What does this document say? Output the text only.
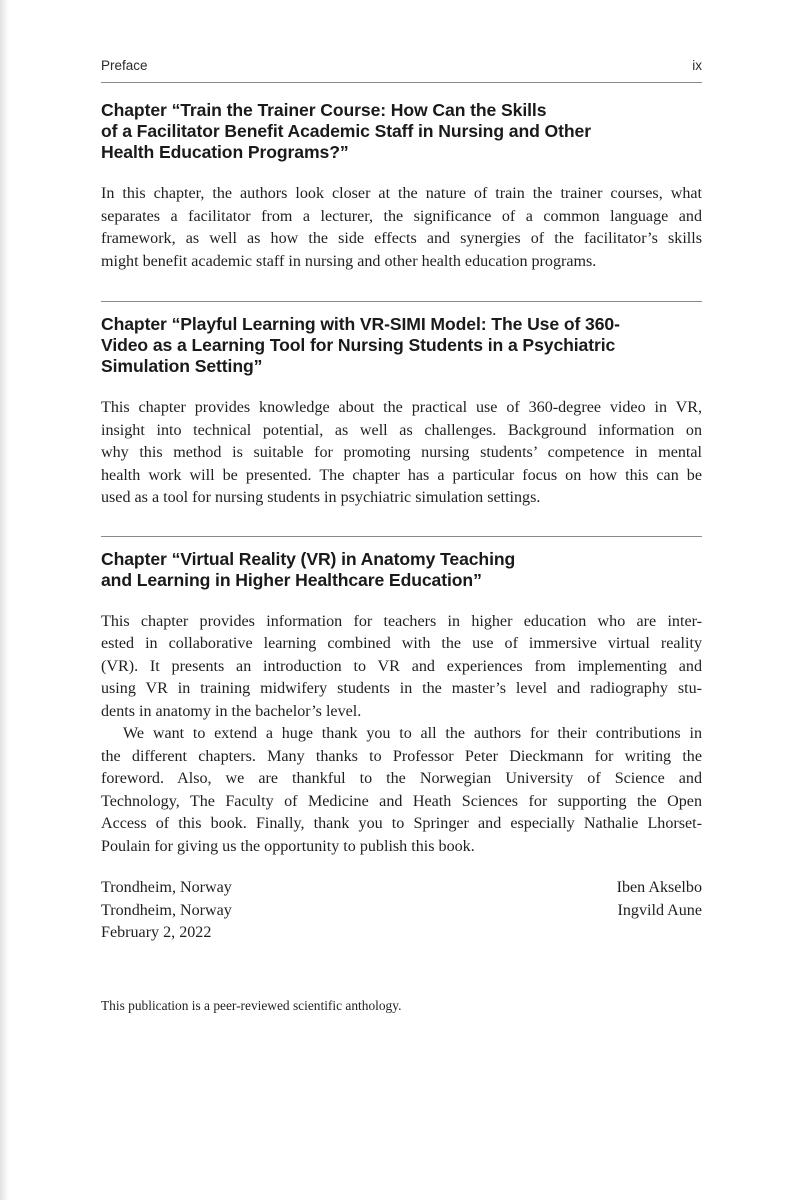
Preface	ix
Chapter “Train the Trainer Course: How Can the Skills
of a Facilitator Benefit Academic Staff in Nursing and Other
Health Education Programs?”

In this chapter, the authors look closer at the nature of train the trainer courses, what
separates a facilitator from a lecturer, the significance of a common language and
framework, as well as how the side effects and synergies of the facilitator’s skills
might benefit academic staff in nursing and other health education programs.

Chapter “Playful Learning with VR-SIMI Model: The Use of 360-
Video as a Learning Tool for Nursing Students in a Psychiatric
Simulation Setting”

This chapter provides knowledge about the practical use of 360-degree video in VR,
insight into technical potential, as well as challenges. Background information on
why this method is suitable for promoting nursing students’ competence in mental
health work will be presented. The chapter has a particular focus on how this can be
used as a tool for nursing students in psychiatric simulation settings.

Chapter “Virtual Reality (VR) in Anatomy Teaching
and Learning in Higher Healthcare Education”

This chapter provides information for teachers in higher education who are inter-
ested in collaborative learning combined with the use of immersive virtual reality
(VR). It presents an introduction to VR and experiences from implementing and
using VR in training midwifery students in the master’s level and radiography stu-
dents in anatomy in the bachelor’s level.

We want to extend a huge thank you to all the authors for their contributions in
the different chapters. Many thanks to Professor Peter Dieckmann for writing the
foreword. Also, we are thankful to the Norwegian University of Science and
Technology, The Faculty of Medicine and Heath Sciences for supporting the Open
Access of this book. Finally, thank you to Springer and especially Nathalie Lhorset-
Poulain for giving us the opportunity to publish this book.

Trondheim, Norway	Iben Akselbo
Trondheim, Norway	Ingvild Aune
February 2, 2022
This publication is a peer-reviewed scientific anthology.
